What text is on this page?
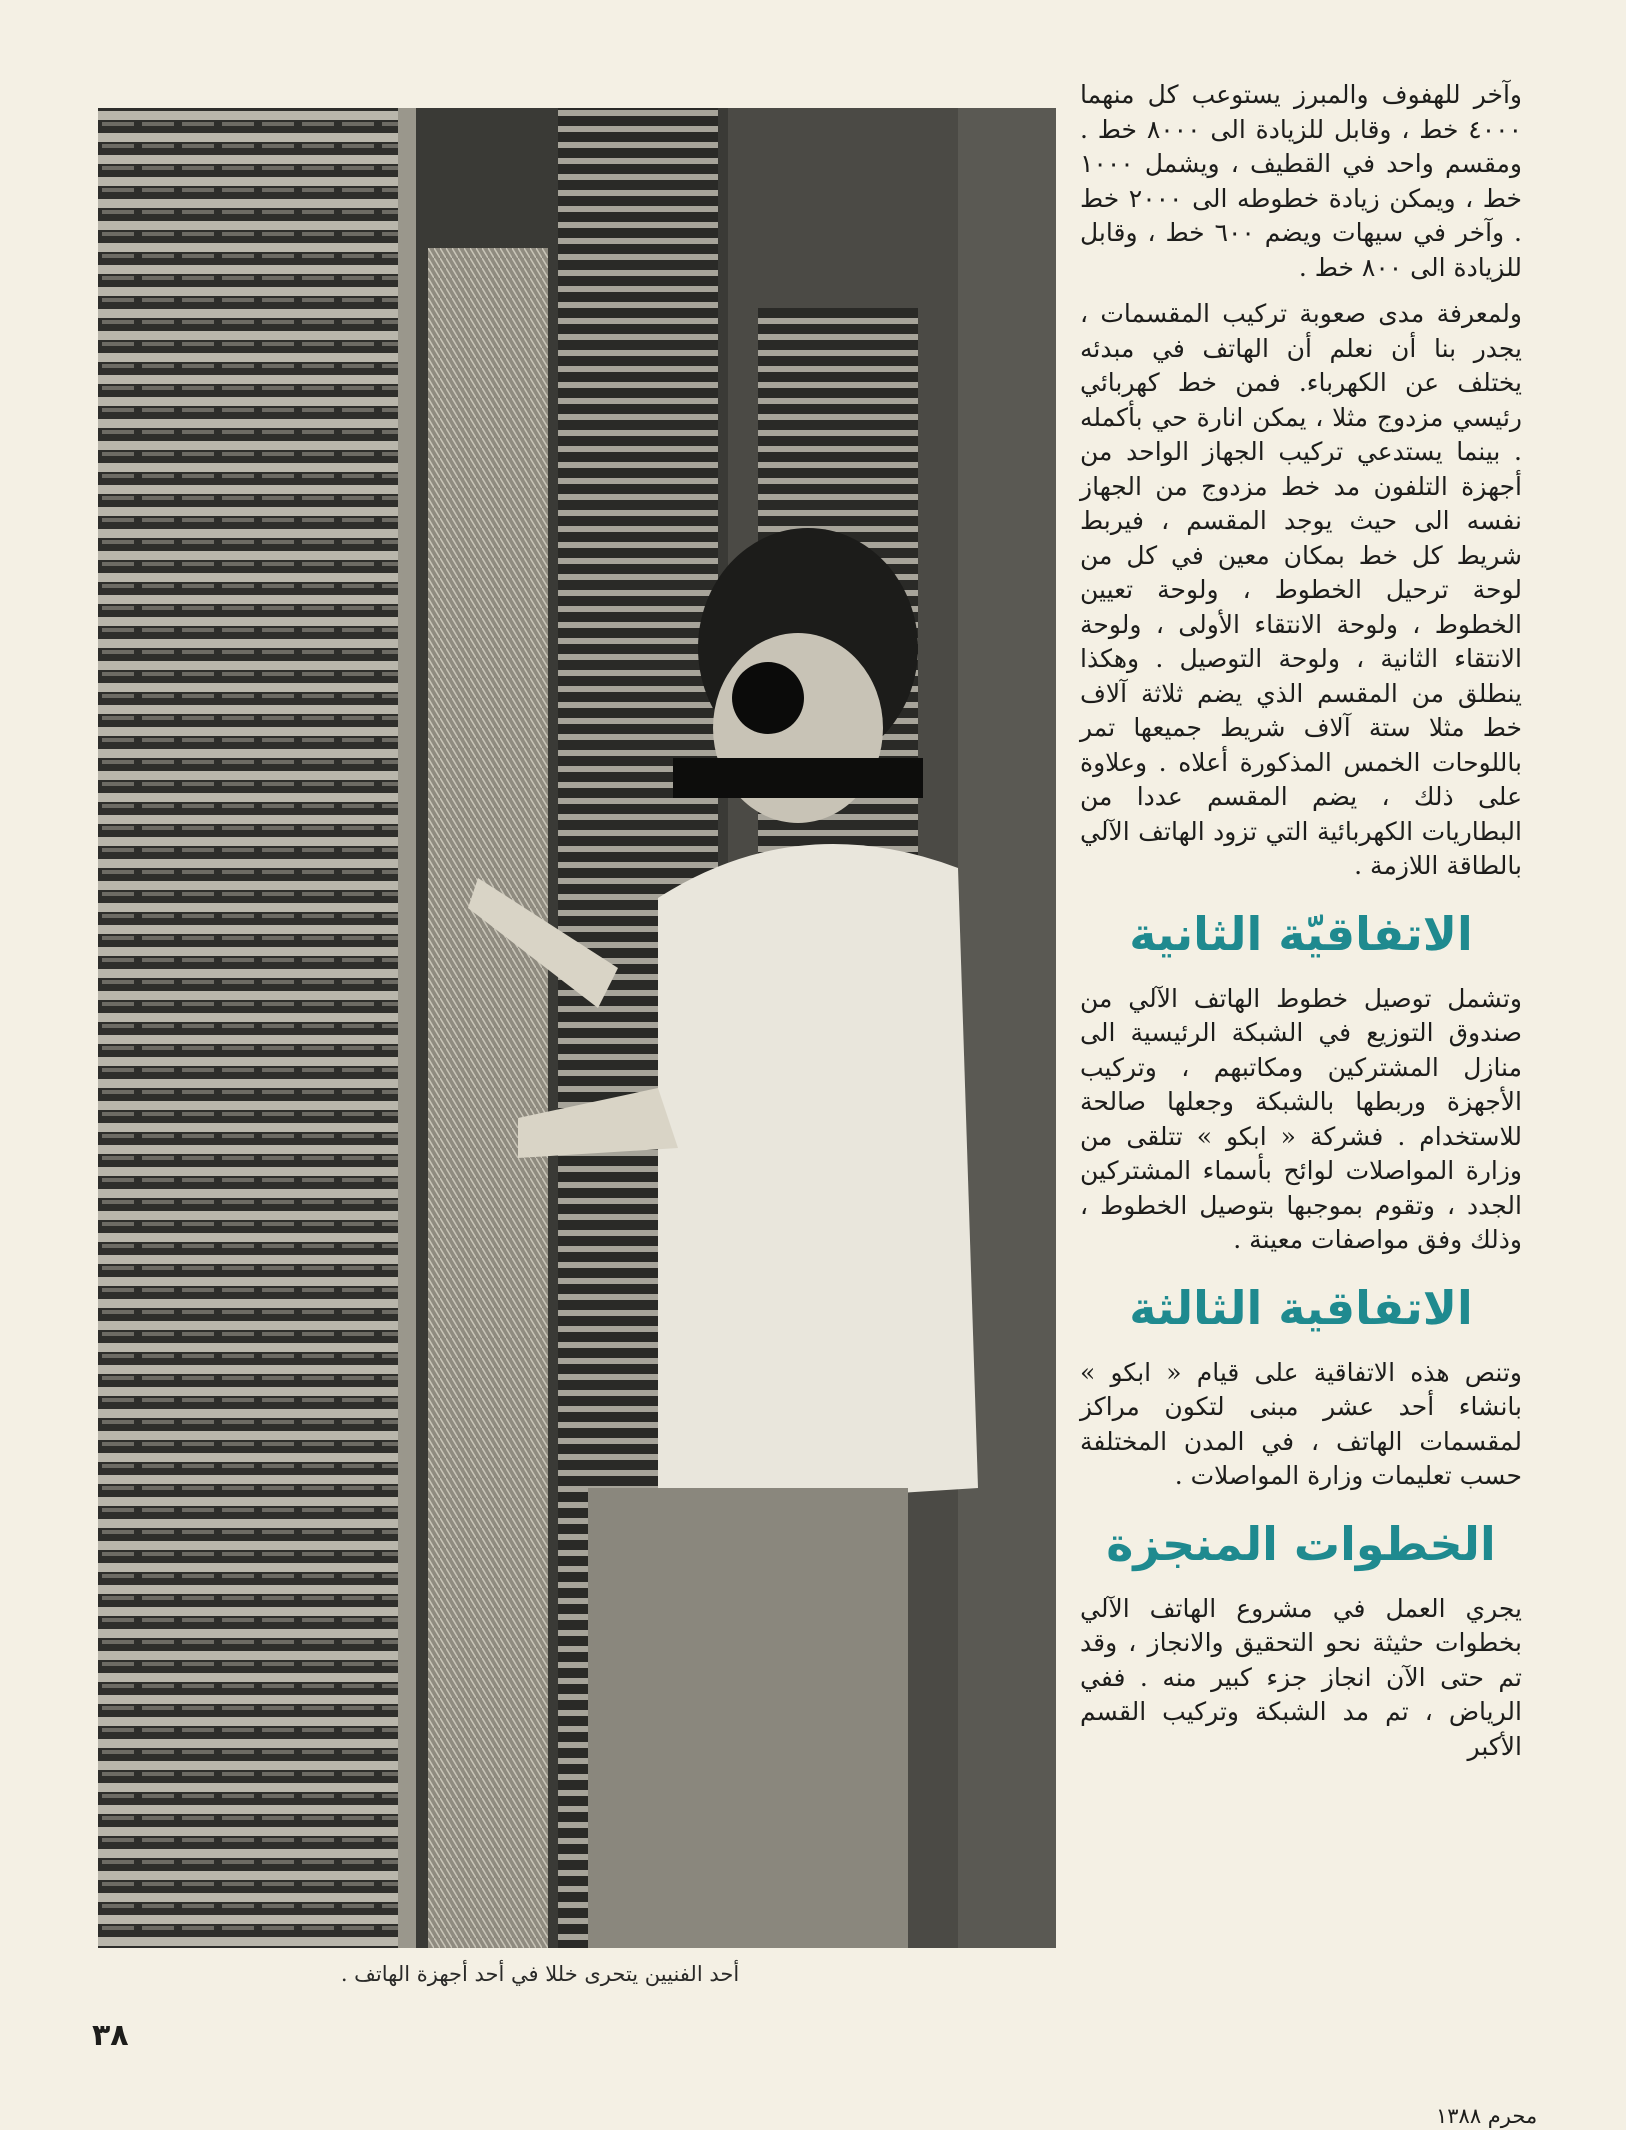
أحد الفنيين يتحرى خللا في أحد أجهزة الهاتف .

وآخر للهفوف والمبرز يستوعب كل منهما ٤٠٠٠ خط ، وقابل للزيادة الى ٨٠٠٠ خط . ومقسم واحد في القطيف ، ويشمل ١٠٠٠ خط ، ويمكن زيادة خطوطه الى ٢٠٠٠ خط . وآخر في سيهات ويضم ٦٠٠ خط ، وقابل للزيادة الى ٨٠٠ خط .

ولمعرفة مدى صعوبة تركيب المقسمات ، يجدر بنا أن نعلم أن الهاتف في مبدئه يختلف عن الكهرباء. فمن خط كهربائي رئيسي مزدوج مثلا ، يمكن انارة حي بأكمله . بينما يستدعي تركيب الجهاز الواحد من أجهزة التلفون مد خط مزدوج من الجهاز نفسه الى حيث يوجد المقسم ، فيربط شريط كل خط بمكان معين في كل من لوحة ترحيل الخطوط ، ولوحة تعيين الخطوط ، ولوحة الانتقاء الأولى ، ولوحة الانتقاء الثانية ، ولوحة التوصيل . وهكذا ينطلق من المقسم الذي يضم ثلاثة آلاف خط مثلا ستة آلاف شريط جميعها تمر باللوحات الخمس المذكورة أعلاه . وعلاوة على ذلك ، يضم المقسم عددا من البطاريات الكهربائية التي تزود الهاتف الآلي بالطاقة اللازمة .

الاتفاقيّة الثانية

وتشمل توصيل خطوط الهاتف الآلي من صندوق التوزيع في الشبكة الرئيسية الى منازل المشتركين ومكاتبهم ، وتركيب الأجهزة وربطها بالشبكة وجعلها صالحة للاستخدام . فشركة « ابكو » تتلقى من وزارة المواصلات لوائح بأسماء المشتركين الجدد ، وتقوم بموجبها بتوصيل الخطوط ، وذلك وفق مواصفات معينة .

الاتفاقية الثالثة

وتنص هذه الاتفاقية على قيام « ابكو » بانشاء أحد عشر مبنى لتكون مراكز لمقسمات الهاتف ، في المدن المختلفة حسب تعليمات وزارة المواصلات .

الخطوات المنجزة

يجري العمل في مشروع الهاتف الآلي بخطوات حثيثة نحو التحقيق والانجاز ، وقد تم حتى الآن انجاز جزء كبير منه . ففي الرياض ، تم مد الشبكة وتركيب القسم الأكبر

٣٨
محرم ١٣٨٨
